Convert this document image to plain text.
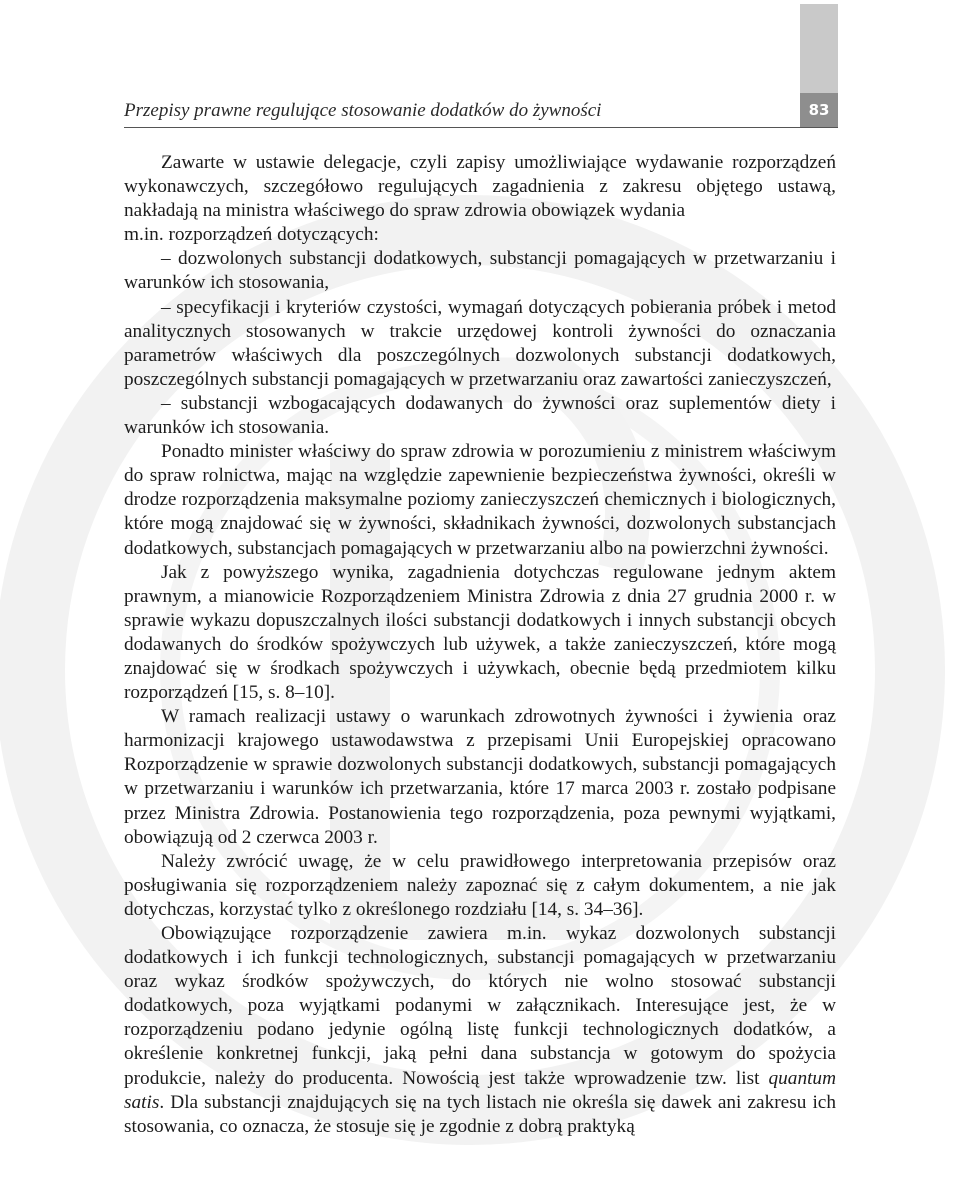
83
Przepisy prawne regulujące stosowanie dodatków do żywności

Zawarte w ustawie delegacje, czyli zapisy umożliwiające wydawanie rozporządzeń wykonawczych, szczegółowo regulujących zagadnienia z zakresu objętego ustawą, nakładają na ministra właściwego do spraw zdrowia obowiązek wydania

m.in. rozporządzeń dotyczących:

– dozwolonych substancji dodatkowych, substancji pomagających w przetwarzaniu i warunków ich stosowania,

– specyfikacji i kryteriów czystości, wymagań dotyczących pobierania próbek i metod analitycznych stosowanych w trakcie urzędowej kontroli żywności do oznaczania parametrów właściwych dla poszczególnych dozwolonych substancji dodatkowych, poszczególnych substancji pomagających w przetwarzaniu oraz zawartości zanieczyszczeń,

– substancji wzbogacających dodawanych do żywności oraz suplementów diety i warunków ich stosowania.

Ponadto minister właściwy do spraw zdrowia w porozumieniu z ministrem właściwym do spraw rolnictwa, mając na względzie zapewnienie bezpieczeństwa żywności, określi w drodze rozporządzenia maksymalne poziomy zanieczyszczeń chemicznych i biologicznych, które mogą znajdować się w żywności, składnikach żywności, dozwolonych substancjach dodatkowych, substancjach pomagających w przetwarzaniu albo na powierzchni żywności.

Jak z powyższego wynika, zagadnienia dotychczas regulowane jednym aktem prawnym, a mianowicie Rozporządzeniem Ministra Zdrowia z dnia 27 grudnia 2000 r. w sprawie wykazu dopuszczalnych ilości substancji dodatkowych i innych substancji obcych dodawanych do środków spożywczych lub używek, a także zanieczyszczeń, które mogą znajdować się w środkach spożywczych i używkach, obecnie będą przedmiotem kilku rozporządzeń [15, s. 8–10].

W ramach realizacji ustawy o warunkach zdrowotnych żywności i żywienia oraz harmonizacji krajowego ustawodawstwa z przepisami Unii Europejskiej opracowano Rozporządzenie w sprawie dozwolonych substancji dodatkowych, substancji pomagających w przetwarzaniu i warunków ich przetwarzania, które 17 marca 2003 r. zostało podpisane przez Ministra Zdrowia. Postanowienia tego rozporządzenia, poza pewnymi wyjątkami, obowiązują od 2 czerwca 2003 r.

Należy zwrócić uwagę, że w celu prawidłowego interpretowania przepisów oraz posługiwania się rozporządzeniem należy zapoznać się z całym dokumentem, a nie jak dotychczas, korzystać tylko z określonego rozdziału [14, s. 34–36].

Obowiązujące rozporządzenie zawiera m.in. wykaz dozwolonych substancji dodatkowych i ich funkcji technologicznych, substancji pomagających w przetwarzaniu oraz wykaz środków spożywczych, do których nie wolno stosować substancji dodatkowych, poza wyjątkami podanymi w załącznikach. Interesujące jest, że w rozporządzeniu podano jedynie ogólną listę funkcji technologicznych dodatków, a określenie konkretnej funkcji, jaką pełni dana substancja w gotowym do spożycia produkcie, należy do producenta. Nowością jest także wprowadzenie tzw. list quantum satis. Dla substancji znajdujących się na tych listach nie określa się dawek ani zakresu ich stosowania, co oznacza, że stosuje się je zgodnie z dobrą praktyką
